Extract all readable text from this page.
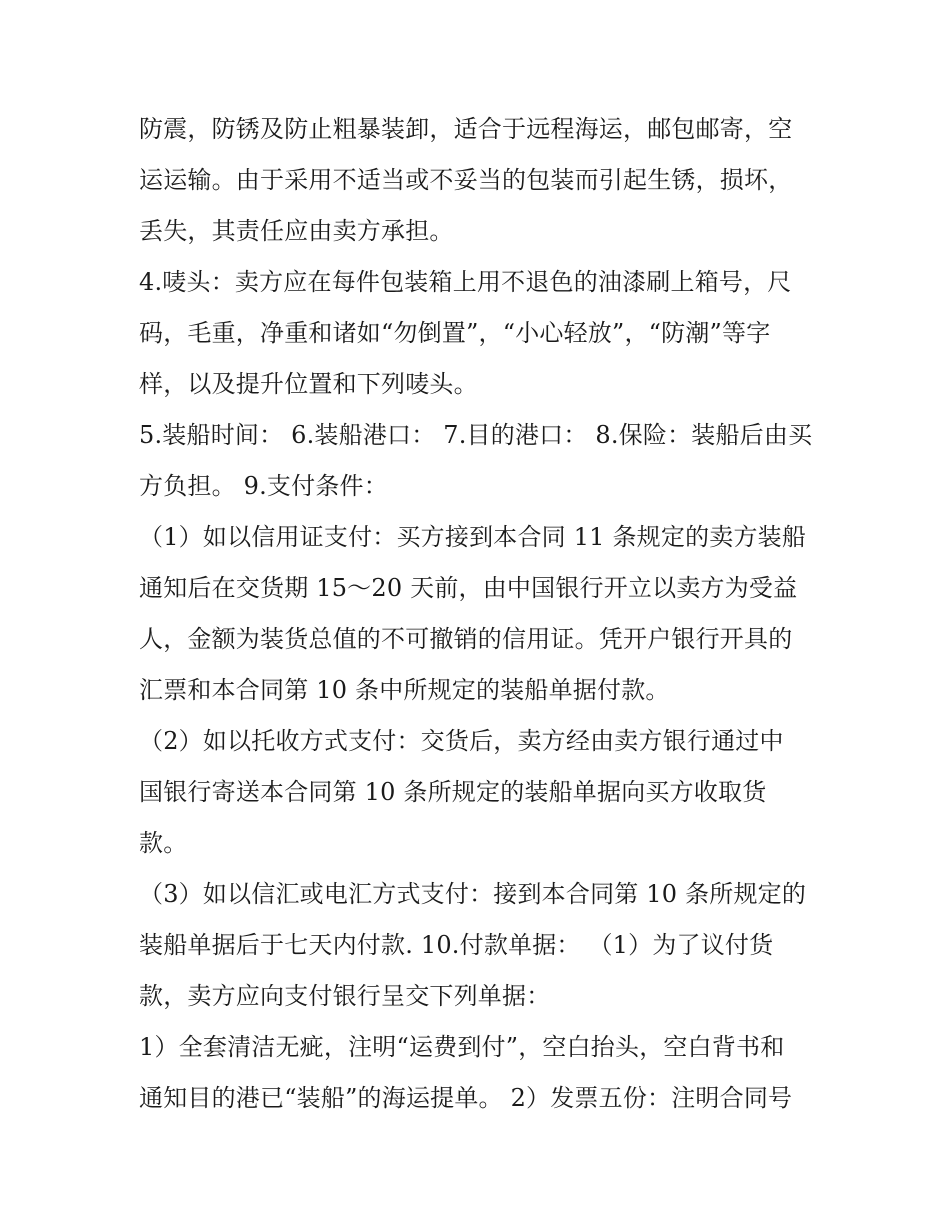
防震，防锈及防止粗暴装卸，适合于远程海运，邮包邮寄，空
运运输。由于采用不适当或不妥当的包装而引起生锈，损坏，
丢失，其责任应由卖方承担。
4.唛头：卖方应在每件包装箱上用不退色的油漆刷上箱号，尺
码，毛重，净重和诸如“勿倒置”，“小心轻放”，“防潮”等字
样，以及提升位置和下列唛头。
5.装船时间： 6.装船港口： 7.目的港口： 8.保险：装船后由买
方负担。 9.支付条件：
（1）如以信用证支付：买方接到本合同 11 条规定的卖方装船
通知后在交货期 15～20 天前，由中国银行开立以卖方为受益
人，金额为装货总值的不可撤销的信用证。凭开户银行开具的
汇票和本合同第 10 条中所规定的装船单据付款。
（2）如以托收方式支付：交货后，卖方经由卖方银行通过中
国银行寄送本合同第 10 条所规定的装船单据向买方收取货
款。
（3）如以信汇或电汇方式支付：接到本合同第 10 条所规定的
装船单据后于七天内付款. 10.付款单据： （1）为了议付货
款，卖方应向支付银行呈交下列单据：
1）全套清洁无疵，注明“运费到付”，空白抬头，空白背书和
通知目的港已“装船”的海运提单。 2）发票五份：注明合同号
